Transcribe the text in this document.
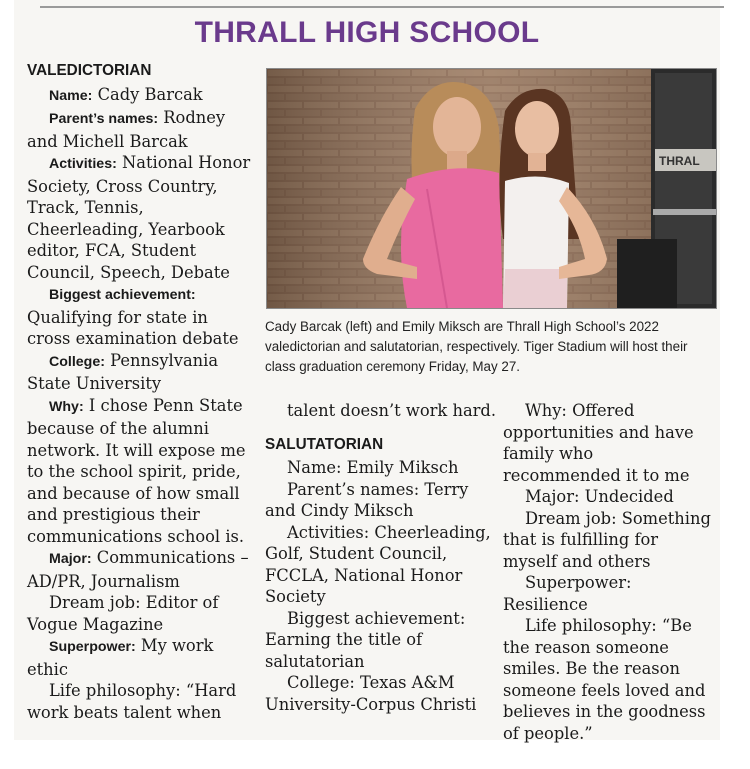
THRALL HIGH SCHOOL

VALEDICTORIAN

Name: Cady Barcak

Parent’s names: Rodney and Michell Barcak

Activities: National Honor Society, Cross Country, Track, Tennis, Cheerleading, Yearbook editor, FCA, Student Council, Speech, Debate

Biggest achievement: Qualifying for state in cross examination debate

College: Pennsylvania State University

Why: I chose Penn State because of the alumni network. It will expose me to the school spirit, pride, and because of how small and prestigious their communications school is.

Major: Communications – AD/PR, Journalism

Dream job: Editor of Vogue Magazine

Superpower: My work ethic

Life philosophy: “Hard work beats talent when

THRAL
Cady Barcak (left) and Emily Miksch are Thrall High School’s 2022 valedictorian and salutatorian, respectively. Tiger Stadium will host their class graduation ceremony Friday, May 27.

talent doesn’t work hard.

SALUTATORIAN

Name: Emily Miksch

Parent’s names: Terry and Cindy Miksch

Activities: Cheerleading, Golf, Student Council, FCCLA, National Honor Society

Biggest achievement: Earning the title of salutatorian

College: Texas A&M University-Corpus Christi

Why: Offered opportunities and have family who recommended it to me

Major: Undecided

Dream job: Something that is fulfilling for myself and others

Superpower: Resilience

Life philosophy: “Be the reason someone smiles. Be the reason someone feels loved and believes in the goodness of people.”
